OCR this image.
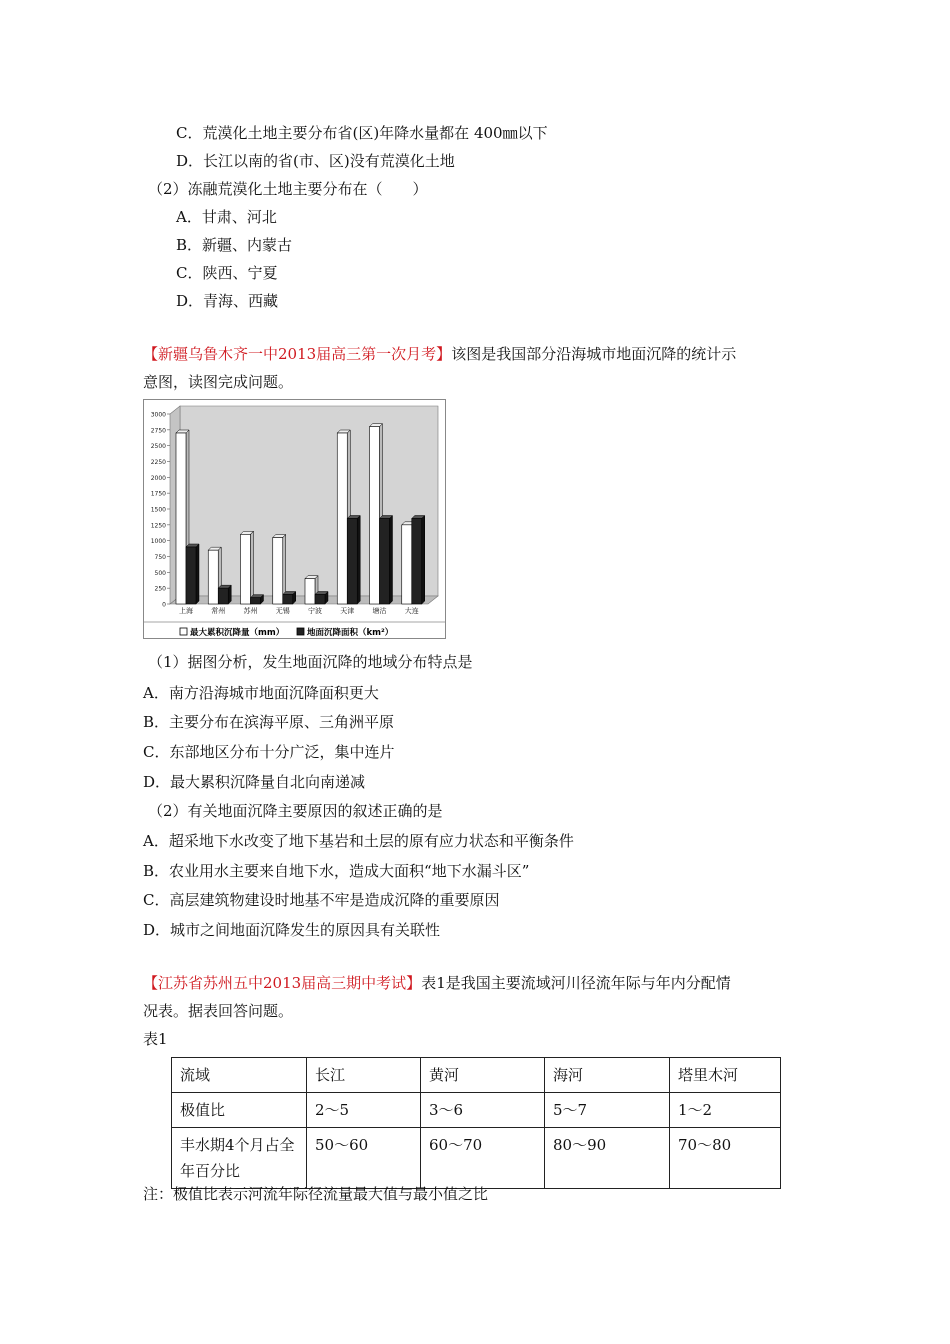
C．荒漠化土地主要分布省(区)年降水量都在 400㎜以下
D．长江以南的省(市、区)没有荒漠化土地
（2）冻融荒漠化土地主要分布在（　　）
A．甘肃、河北
B．新疆、内蒙古
C．陕西、宁夏
D．青海、西藏
【新疆乌鲁木齐一中2013届高三第一次月考】该图是我国部分沿海城市地面沉降的统计示
意图，读图完成问题。
0
250
500
750
1000
1250
1500
1750
2000
2250
2500
2750
3000
上海	常州	苏州	无锡	宁波	天津	塘沽	大连
最大累积沉降量（mm）	地面沉降面积（km²）
（1）据图分析，发生地面沉降的地域分布特点是
A．南方沿海城市地面沉降面积更大
B．主要分布在滨海平原、三角洲平原
C．东部地区分布十分广泛，集中连片
D．最大累积沉降量自北向南递减
（2）有关地面沉降主要原因的叙述正确的是
A．超采地下水改变了地下基岩和土层的原有应力状态和平衡条件
B．农业用水主要来自地下水，造成大面积“地下水漏斗区”
C．高层建筑物建设时地基不牢是造成沉降的重要原因
D．城市之间地面沉降发生的原因具有关联性
【江苏省苏州五中2013届高三期中考试】表1是我国主要流域河川径流年际与年内分配情
况表。据表回答问题。
表1
流域	长江	黄河	海河	塔里木河
极值比	2～5	3～6	5～7	1～2
丰水期4个月占全年百分比	50～60	60～70	80～90	70～80
注：极值比表示河流年际径流量最大值与最小值之比
